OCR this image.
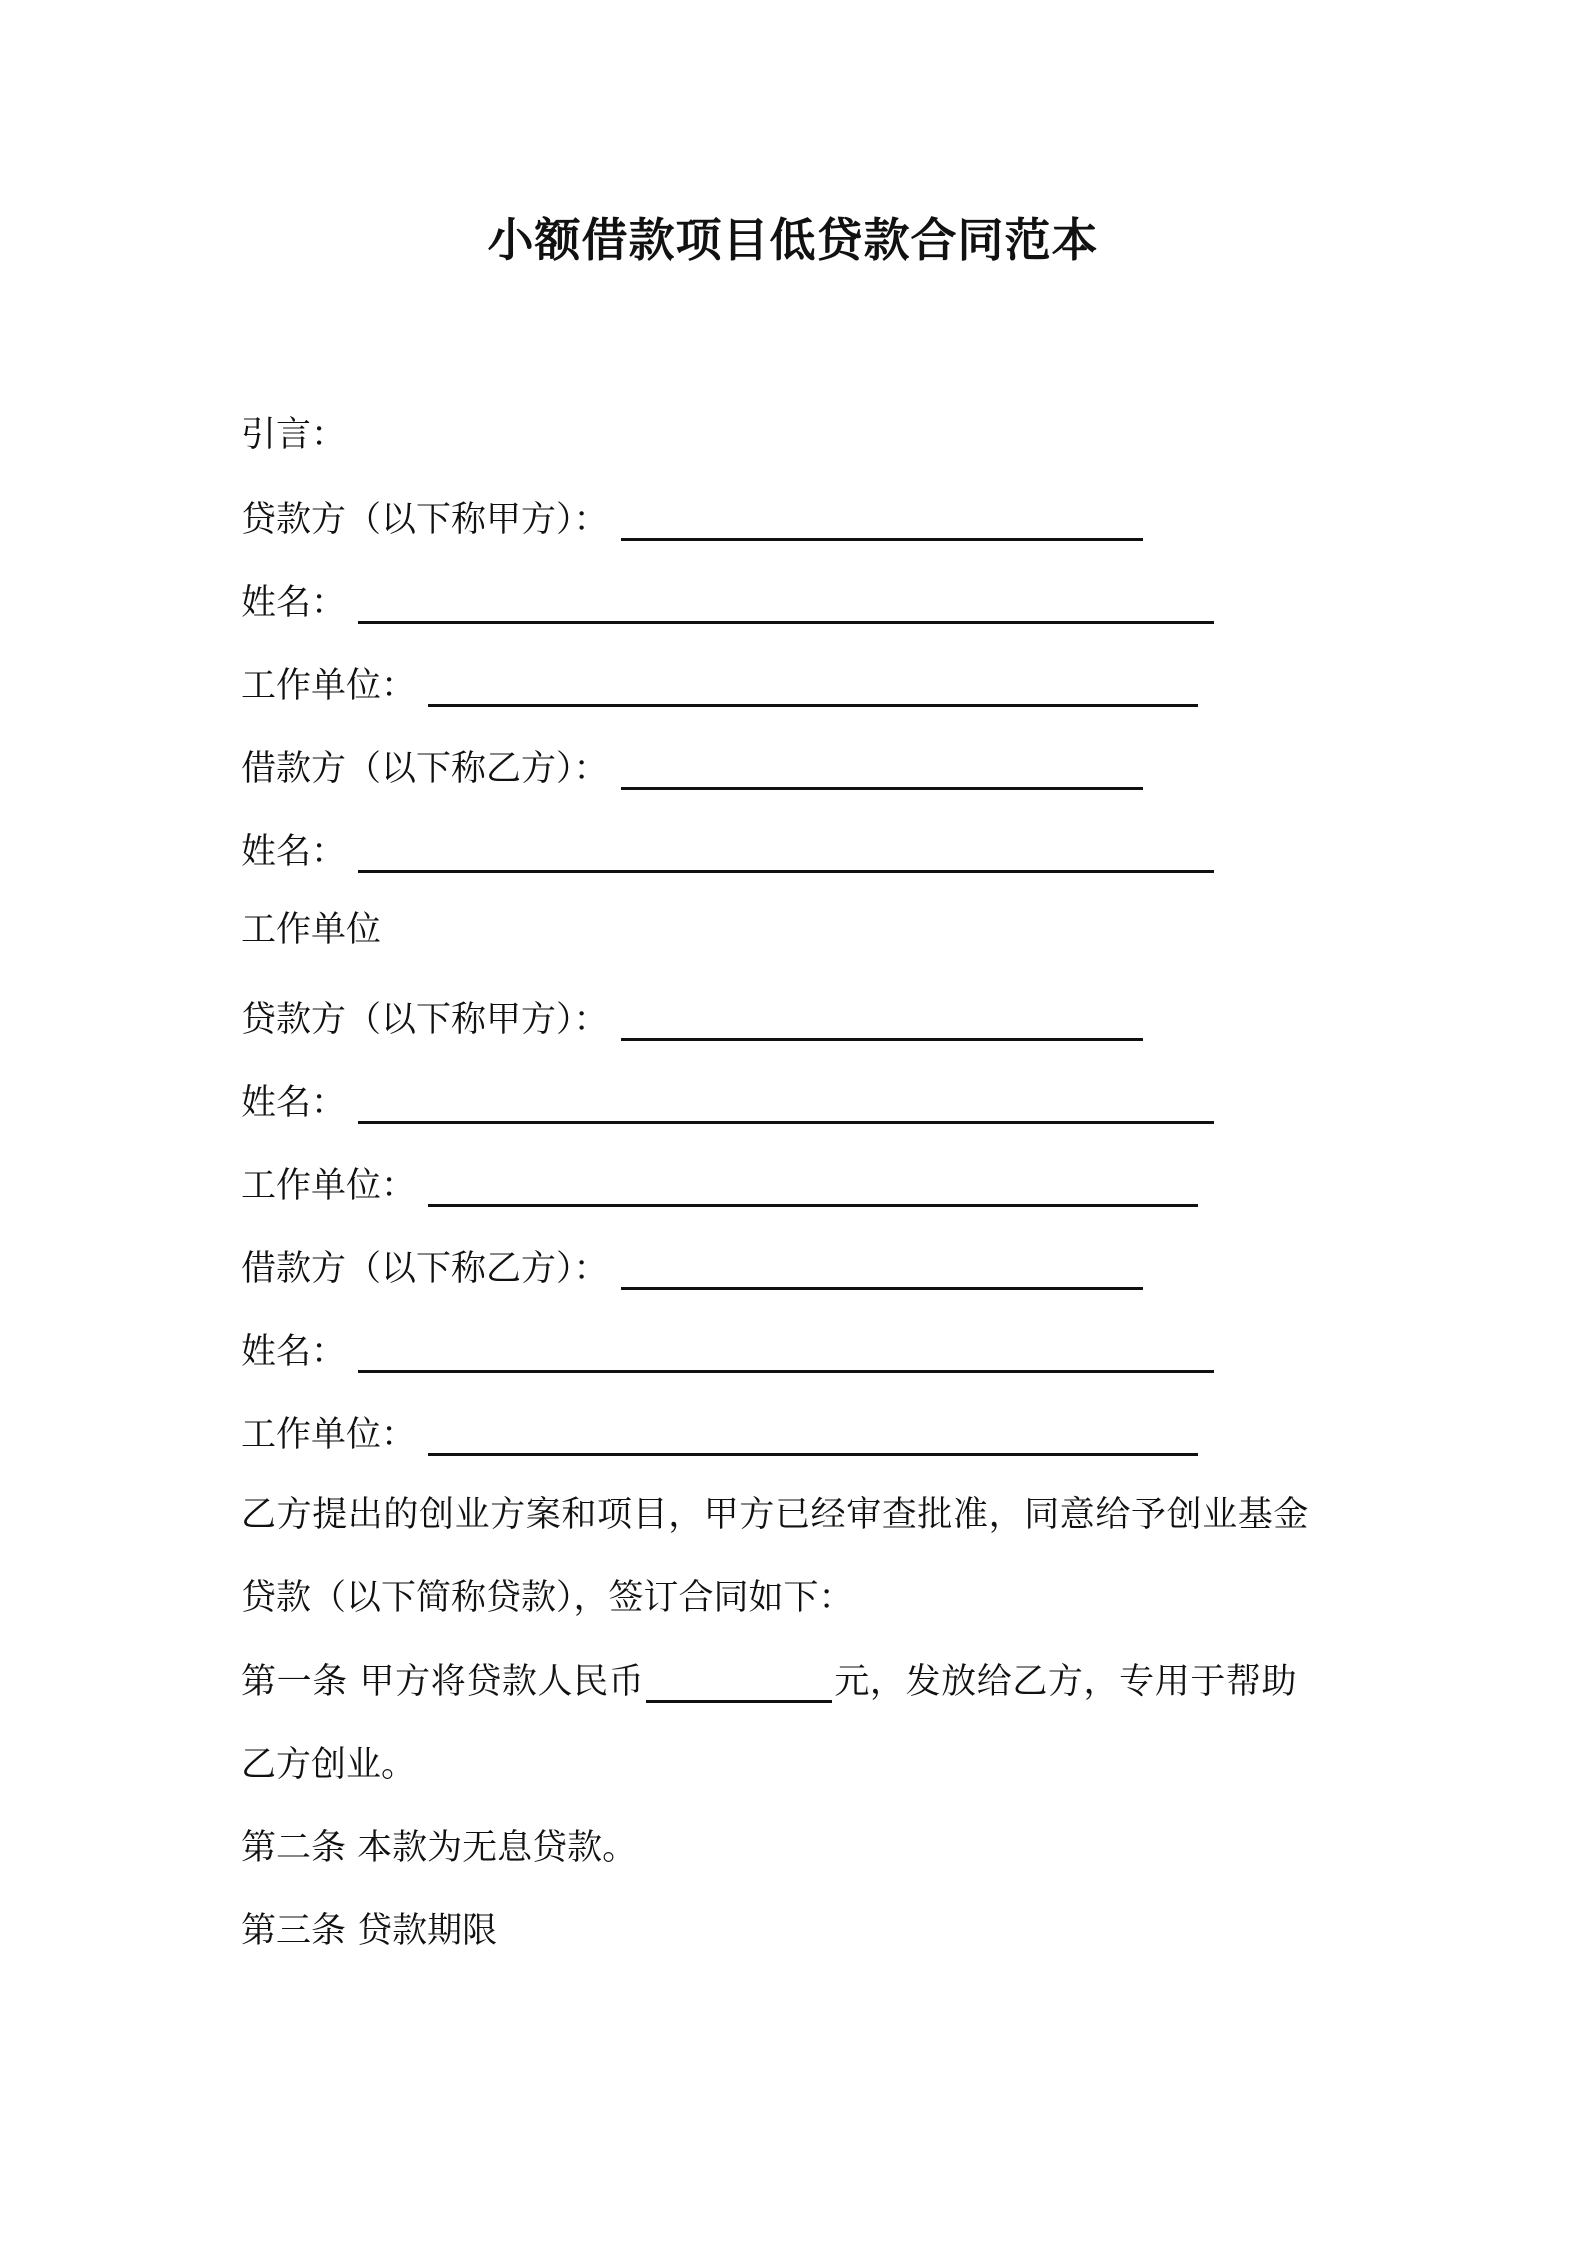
小额借款项目低贷款合同范本
引言：
贷款方（以下称甲方）：
姓名：
工作单位：
借款方（以下称乙方）：
姓名：
工作单位
贷款方（以下称甲方）：
姓名：
工作单位：
借款方（以下称乙方）：
姓名：
工作单位：
乙方提出的创业方案和项目，甲方已经审查批准，同意给予创业基金
贷款（以下简称贷款），签订合同如下：
第一条 甲方将贷款人民币	元，发放给乙方，专用于帮助
乙方创业。
第二条 本款为无息贷款。
第三条 贷款期限
